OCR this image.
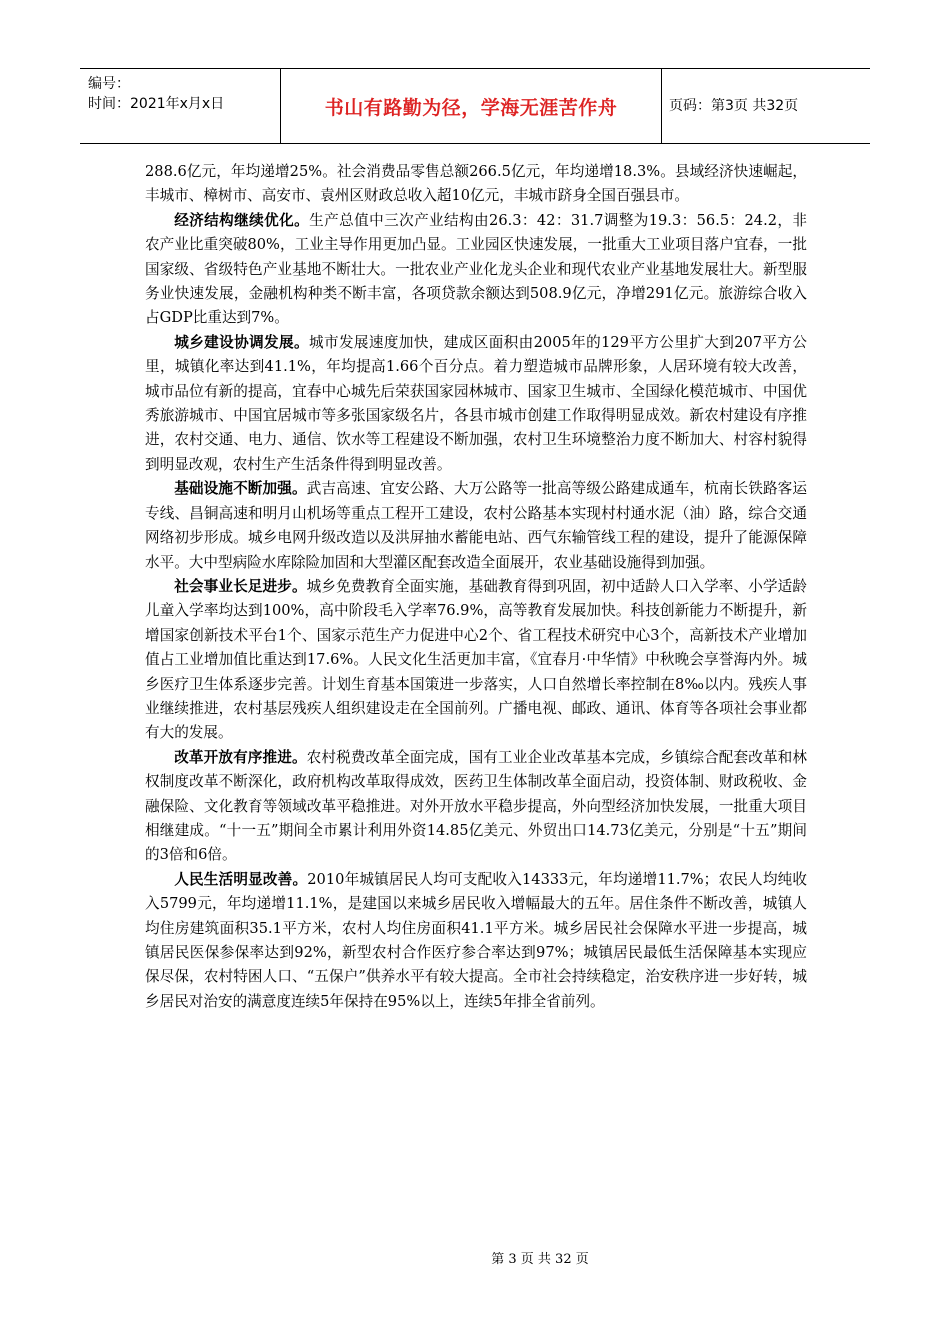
编号：
时间：2021年x月x日	书山有路勤为径，学海无涯苦作舟	页码：第3页 共32页

288.6亿元，年均递增25%。社会消费品零售总额266.5亿元，年均递增18.3%。县域经济快速崛起，丰城市、樟树市、高安市、袁州区财政总收入超10亿元，丰城市跻身全国百强县市。

经济结构继续优化。生产总值中三次产业结构由26.3：42：31.7调整为19.3：56.5：24.2，非农产业比重突破80%，工业主导作用更加凸显。工业园区快速发展，一批重大工业项目落户宜春，一批国家级、省级特色产业基地不断壮大。一批农业产业化龙头企业和现代农业产业基地发展壮大。新型服务业快速发展，金融机构种类不断丰富，各项贷款余额达到508.9亿元，净增291亿元。旅游综合收入占GDP比重达到7%。

城乡建设协调发展。城市发展速度加快，建成区面积由2005年的129平方公里扩大到207平方公里，城镇化率达到41.1%，年均提高1.66个百分点。着力塑造城市品牌形象，人居环境有较大改善，城市品位有新的提高，宜春中心城先后荣获国家园林城市、国家卫生城市、全国绿化模范城市、中国优秀旅游城市、中国宜居城市等多张国家级名片，各县市城市创建工作取得明显成效。新农村建设有序推进，农村交通、电力、通信、饮水等工程建设不断加强，农村卫生环境整治力度不断加大、村容村貌得到明显改观，农村生产生活条件得到明显改善。

基础设施不断加强。武吉高速、宜安公路、大万公路等一批高等级公路建成通车，杭南长铁路客运专线、昌铜高速和明月山机场等重点工程开工建设，农村公路基本实现村村通水泥（油）路，综合交通网络初步形成。城乡电网升级改造以及洪屏抽水蓄能电站、西气东输管线工程的建设，提升了能源保障水平。大中型病险水库除险加固和大型灌区配套改造全面展开，农业基础设施得到加强。

社会事业长足进步。城乡免费教育全面实施，基础教育得到巩固，初中适龄人口入学率、小学适龄儿童入学率均达到100%，高中阶段毛入学率76.9%，高等教育发展加快。科技创新能力不断提升，新增国家创新技术平台1个、国家示范生产力促进中心2个、省工程技术研究中心3个，高新技术产业增加值占工业增加值比重达到17.6%。人民文化生活更加丰富，《宜春月·中华情》中秋晚会享誉海内外。城乡医疗卫生体系逐步完善。计划生育基本国策进一步落实，人口自然增长率控制在8‰以内。残疾人事业继续推进，农村基层残疾人组织建设走在全国前列。广播电视、邮政、通讯、体育等各项社会事业都有大的发展。

改革开放有序推进。农村税费改革全面完成，国有工业企业改革基本完成，乡镇综合配套改革和林权制度改革不断深化，政府机构改革取得成效，医药卫生体制改革全面启动，投资体制、财政税收、金融保险、文化教育等领域改革平稳推进。对外开放水平稳步提高，外向型经济加快发展，一批重大项目相继建成。“十一五”期间全市累计利用外资14.85亿美元、外贸出口14.73亿美元，分别是“十五”期间的3倍和6倍。

人民生活明显改善。2010年城镇居民人均可支配收入14333元，年均递增11.7%；农民人均纯收入5799元，年均递增11.1%，是建国以来城乡居民收入增幅最大的五年。居住条件不断改善，城镇人均住房建筑面积35.1平方米，农村人均住房面积41.1平方米。城乡居民社会保障水平进一步提高，城镇居民医保参保率达到92%，新型农村合作医疗参合率达到97%；城镇居民最低生活保障基本实现应保尽保，农村特困人口、“五保户”供养水平有较大提高。全市社会持续稳定，治安秩序进一步好转，城乡居民对治安的满意度连续5年保持在95%以上，连续5年排全省前列。

第 3 页 共 32 页
